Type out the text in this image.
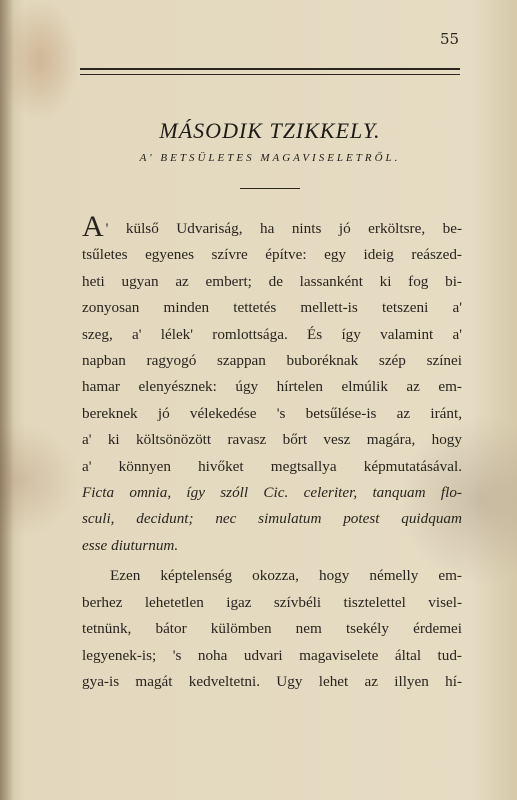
55
MÁSODIK TZIKKELY.
A' BETSÜLETES MAGAVISELETRŐL.
A ' külső Udvariság, ha nints jó erköltsre, be-
tsűletes egyenes szívre építve: egy ideig reászed-
heti ugyan az embert; de lassanként ki fog bi-
zonyosan minden tettetés mellett-is tetszeni a'
szeg, a' lélek' romlottsága. És így valamint a'
napban ragyogó szappan buboréknak szép színei
hamar elenyésznek: úgy hírtelen elmúlik az em-
bereknek jó vélekedése 's betsűlése-is az iránt,
a' ki költsönözött ravasz bőrt vesz magára, hogy
a' könnyen hivőket megtsallya képmutatásával.
Ficta omnia, így szóll Cic. celeriter, tanquam flo-
sculi, decidunt; nec simulatum potest quidquam
esse diuturnum.
Ezen képtelenség okozza, hogy némelly em-
berhez lehetetlen igaz szívbéli tisztelettel visel-
tetnünk, bátor külömben nem tsekély érdemei
legyenek-is; 's noha udvari magaviselete által tud-
gya-is magát kedveltetni. Ugy lehet az illyen hí-
